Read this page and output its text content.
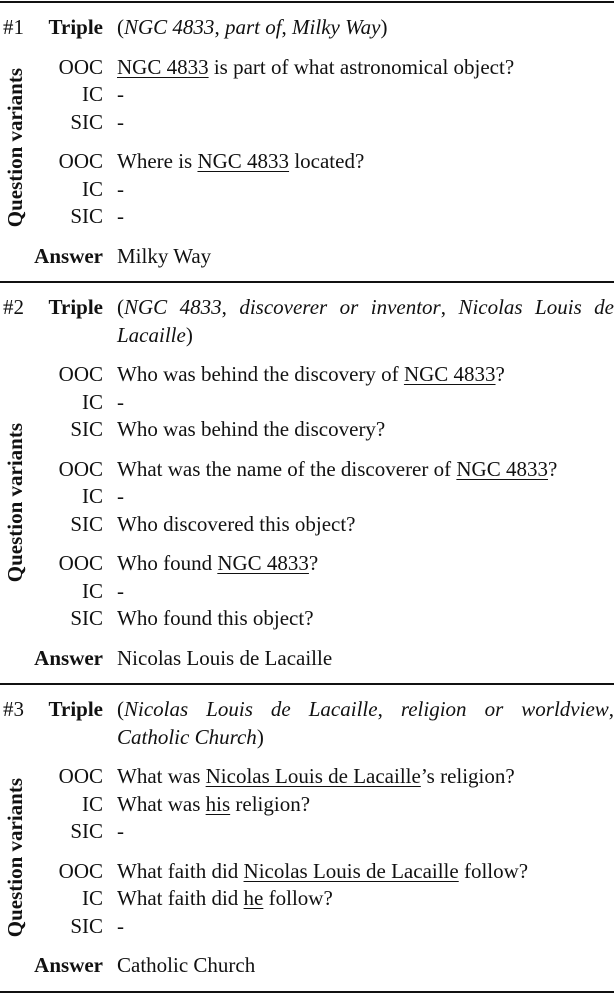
#1 Triple (NGC 4833, part of, Milky Way)
Question variants
OOC NGC 4833 is part of what astronomical object?
IC -
SIC -
OOC Where is NGC 4833 located?
IC -
SIC -
Answer Milky Way
#2 Triple (NGC 4833, discoverer or inventor, Nicolas Louis de Lacaille)
Question variants
OOC Who was behind the discovery of NGC 4833?
IC -
SIC Who was behind the discovery?
OOC What was the name of the discoverer of NGC 4833?
IC -
SIC Who discovered this object?
OOC Who found NGC 4833?
IC -
SIC Who found this object?
Answer Nicolas Louis de Lacaille
#3 Triple (Nicolas Louis de Lacaille, religion or worldview, Catholic Church)
Question variants
OOC What was Nicolas Louis de Lacaille’s religion?
IC What was his religion?
SIC -
OOC What faith did Nicolas Louis de Lacaille follow?
IC What faith did he follow?
SIC -
Answer Catholic Church
